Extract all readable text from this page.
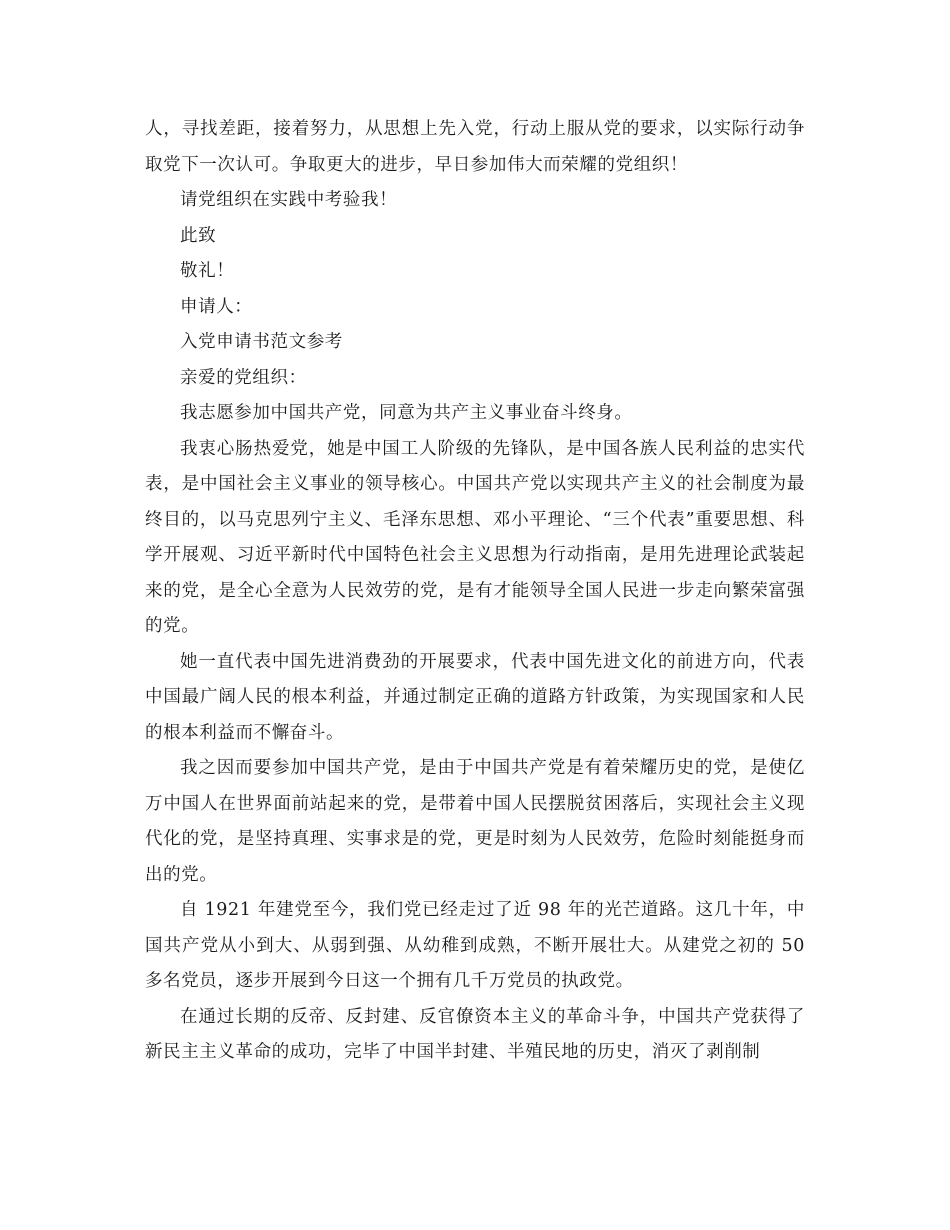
人，寻找差距，接着努力，从思想上先入党，行动上服从党的要求，以实际行动争取党下一次认可。争取更大的进步，早日参加伟大而荣耀的党组织！

请党组织在实践中考验我！

此致

敬礼！

申请人：

入党申请书范文参考

亲爱的党组织：

我志愿参加中国共产党，同意为共产主义事业奋斗终身。

我衷心肠热爱党，她是中国工人阶级的先锋队，是中国各族人民利益的忠实代表，是中国社会主义事业的领导核心。中国共产党以实现共产主义的社会制度为最终目的，以马克思列宁主义、毛泽东思想、邓小平理论、“三个代表”重要思想、科学开展观、习近平新时代中国特色社会主义思想为行动指南，是用先进理论武装起来的党，是全心全意为人民效劳的党，是有才能领导全国人民进一步走向繁荣富强的党。

她一直代表中国先进消费劲的开展要求，代表中国先进文化的前进方向，代表中国最广阔人民的根本利益，并通过制定正确的道路方针政策，为实现国家和人民的根本利益而不懈奋斗。

我之因而要参加中国共产党，是由于中国共产党是有着荣耀历史的党，是使亿万中国人在世界面前站起来的党，是带着中国人民摆脱贫困落后，实现社会主义现代化的党，是坚持真理、实事求是的党，更是时刻为人民效劳，危险时刻能挺身而出的党。

自 1921 年建党至今，我们党已经走过了近 98 年的光芒道路。这几十年，中国共产党从小到大、从弱到强、从幼稚到成熟，不断开展壮大。从建党之初的 50 多名党员，逐步开展到今日这一个拥有几千万党员的执政党。

在通过长期的反帝、反封建、反官僚资本主义的革命斗争，中国共产党获得了新民主主义革命的成功，完毕了中国半封建、半殖民地的历史，消灭了剥削制
